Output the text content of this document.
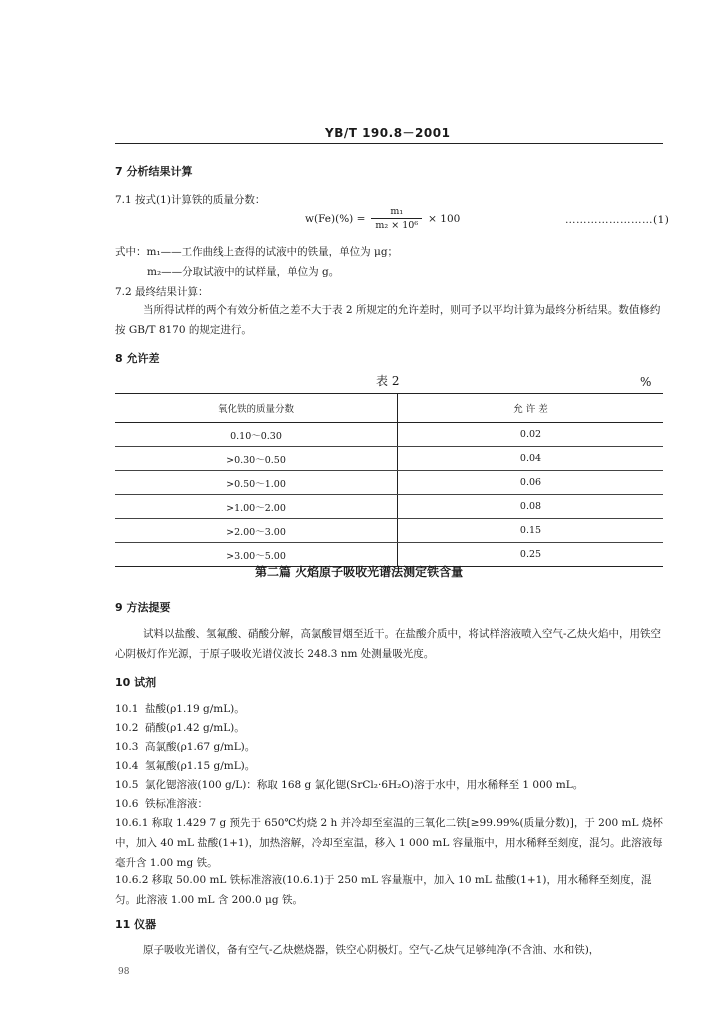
YB/T 190.8－2001
7 分析结果计算
7.1 按式(1)计算铁的质量分数：
$w(Fe)(\%) = \frac{\text{m₁}}{\text{m₂ × 10⁶}} \times 100$	……………………(1)
式中：m₁——工作曲线上查得的试液中的铁量，单位为 μg；
m₂——分取试液中的试样量，单位为 g。
7.2 最终结果计算：
当所得试样的两个有效分析值之差不大于表 2 所规定的允许差时，则可予以平均计算为最终分析结果。数值修约按 GB/T 8170 的规定进行。
8 允许差
表 2	%
氧化铁的质量分数	允 许 差
0.10～0.30	0.02
>0.30～0.50	0.04
>0.50～1.00	0.06
>1.00～2.00	0.08
>2.00～3.00	0.15
>3.00～5.00	0.25
第二篇 火焰原子吸收光谱法测定铁含量
9 方法提要
试料以盐酸、氢氟酸、硝酸分解，高氯酸冒烟至近干。在盐酸介质中，将试样溶液喷入空气-乙炔火焰中，用铁空心阴极灯作光源，于原子吸收光谱仪波长 248.3 nm 处测量吸光度。
10 试剂
10.1 盐酸(ρ1.19 g/mL)。
10.2 硝酸(ρ1.42 g/mL)。
10.3 高氯酸(ρ1.67 g/mL)。
10.4 氢氟酸(ρ1.15 g/mL)。
10.5 氯化锶溶液(100 g/L)：称取 168 g 氯化锶(SrCl₂·6H₂O)溶于水中，用水稀释至 1 000 mL。
10.6 铁标准溶液：
10.6.1 称取 1.429 7 g 预先于 650℃灼烧 2 h 并冷却至室温的三氧化二铁[≥99.99%(质量分数)]，于 200 mL 烧杯中，加入 40 mL 盐酸(1+1)，加热溶解，冷却至室温，移入 1 000 mL 容量瓶中，用水稀释至刻度，混匀。此溶液每毫升含 1.00 mg 铁。
10.6.2 移取 50.00 mL 铁标准溶液(10.6.1)于 250 mL 容量瓶中，加入 10 mL 盐酸(1+1)，用水稀释至刻度，混匀。此溶液 1.00 mL 含 200.0 μg 铁。
11 仪器
原子吸收光谱仪，备有空气-乙炔燃烧器，铁空心阴极灯。空气-乙炔气足够纯净(不含油、水和铁)，
98
